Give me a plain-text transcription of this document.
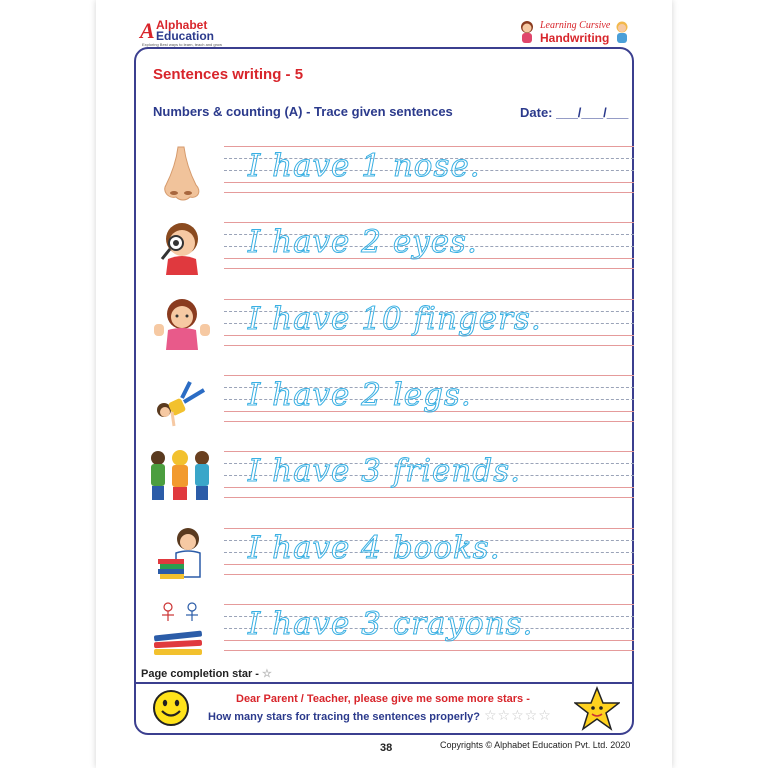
A Alphabet
Education
Exploring Best ways to learn, teach and grow
Learning Cursive
Handwriting
Sentences writing - 5
Numbers & counting (A) - Trace given sentences	Date: ___/___/___
I have 1 nose.
I have 2 eyes.
I have 10 fingers.
I have 2 legs.
I have 3 friends.
I have 4 books.
I have 3 crayons.
Page completion star - ☆
Dear Parent / Teacher, please give me some more stars -
How many stars for tracing the sentences properly? ☆☆☆☆☆
38	Copyrights © Alphabet Education Pvt. Ltd. 2020
